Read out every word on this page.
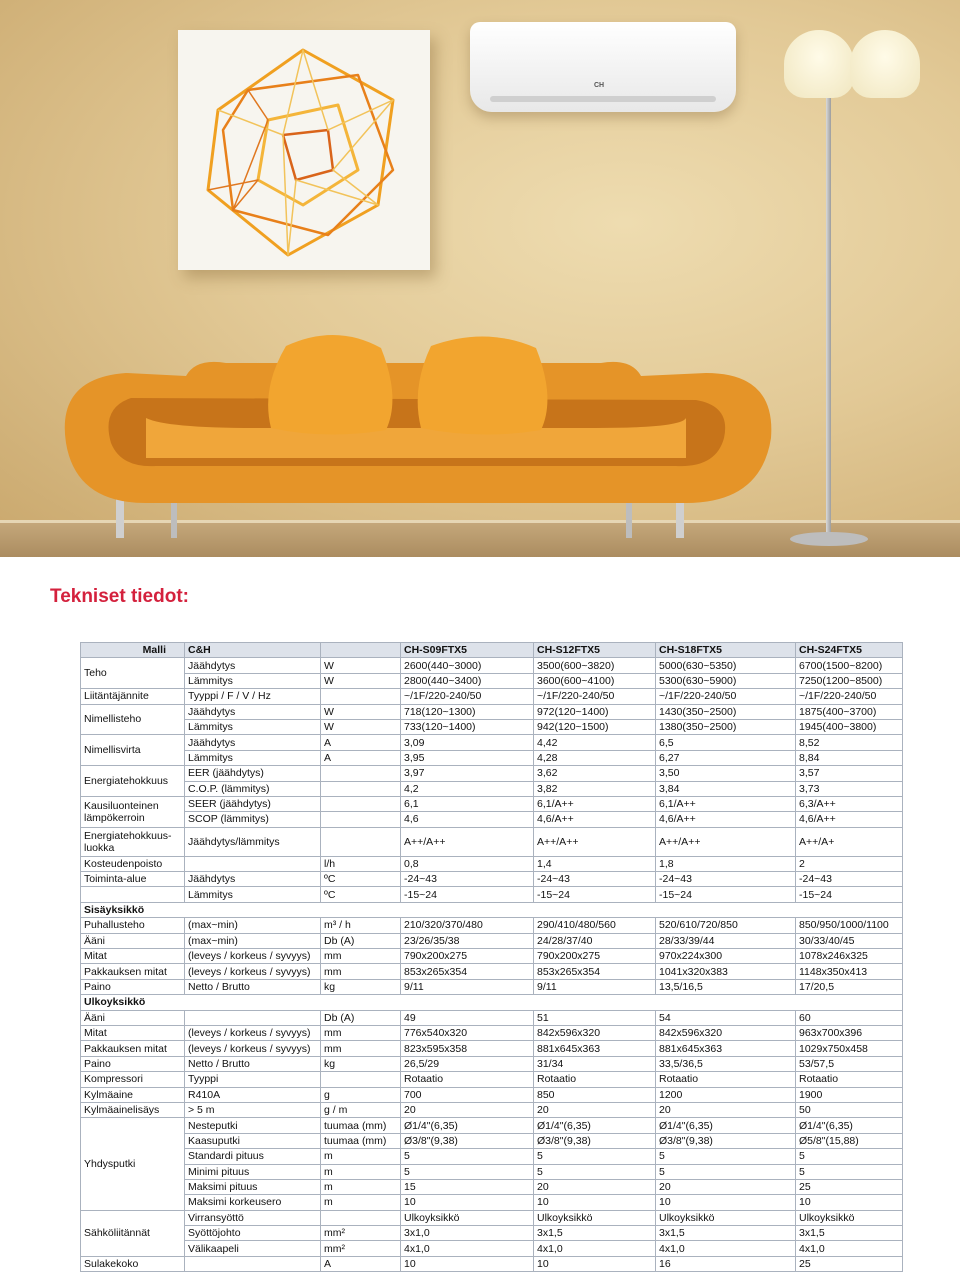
CH
Tekniset tiedot:
Malli	C&H		CH-S09FTX5	CH-S12FTX5	CH-S18FTX5	CH-S24FTX5
Teho	Jäähdytys	W	2600(440~3000)	3500(600~3820)	5000(630~5350)	6700(1500~8200)
	Lämmitys	W	2800(440~3400)	3600(600~4100)	5300(630~5900)	7250(1200~8500)
Liitäntäjännite	Tyyppi / F / V / Hz		~/1F/220-240/50	~/1F/220-240/50	~/1F/220-240/50	~/1F/220-240/50
Nimellisteho	Jäähdytys	W	718(120~1300)	972(120~1400)	1430(350~2500)	1875(400~3700)
	Lämmitys	W	733(120~1400)	942(120~1500)	1380(350~2500)	1945(400~3800)
Nimellisvirta	Jäähdytys	A	3,09	4,42	6,5	8,52
	Lämmitys	A	3,95	4,28	6,27	8,84
Energiatehokkuus	EER (jäähdytys)		3,97	3,62	3,50	3,57
	C.O.P. (lämmitys)		4,2	3,82	3,84	3,73
Kausiluonteinen lämpökerroin	SEER (jäähdytys)		6,1	6,1/A++	6,1/A++	6,3/A++
	SCOP (lämmitys)		4,6	4,6/A++	4,6/A++	4,6/A++
Energiatehokkuus-luokka	Jäähdytys/lämmitys		A++/A++	A++/A++	A++/A++	A++/A+
Kosteudenpoisto		l/h	0,8	1,4	1,8	2
Toiminta-alue	Jäähdytys	ºC	-24~43	-24~43	-24~43	-24~43
	Lämmitys	ºC	-15~24	-15~24	-15~24	-15~24
Sisäyksikkö						
Puhallusteho	(max~min)	m³ / h	210/320/370/480	290/410/480/560	520/610/720/850	850/950/1000/1100
Ääni	(max~min)	Db (A)	23/26/35/38	24/28/37/40	28/33/39/44	30/33/40/45
Mitat	(leveys / korkeus / syvyys)	mm	790x200x275	790x200x275	970x224x300	1078x246x325
Pakkauksen mitat	(leveys / korkeus / syvyys)	mm	853x265x354	853x265x354	1041x320x383	1148x350x413
Paino	Netto / Brutto	kg	9/11	9/11	13,5/16,5	17/20,5
Ulkoyksikkö						
Ääni		Db (A)	49	51	54	60
Mitat	(leveys / korkeus / syvyys)	mm	776x540x320	842x596x320	842x596x320	963x700x396
Pakkauksen mitat	(leveys / korkeus / syvyys)	mm	823x595x358	881x645x363	881x645x363	1029x750x458
Paino	Netto / Brutto	kg	26,5/29	31/34	33,5/36,5	53/57,5
Kompressori	Tyyppi		Rotaatio	Rotaatio	Rotaatio	Rotaatio
Kylmäaine	R410A	g	700	850	1200	1900
Kylmäainelisäys	> 5 m	g / m	20	20	20	50
Yhdysputki	Nesteputki	tuumaa (mm)	Ø1/4"(6,35)	Ø1/4"(6,35)	Ø1/4"(6,35)	Ø1/4"(6,35)
	Kaasuputki	tuumaa (mm)	Ø3/8"(9,38)	Ø3/8"(9,38)	Ø3/8"(9,38)	Ø5/8"(15,88)
	Standardi pituus	m	5	5	5	5
	Minimi pituus	m	5	5	5	5
	Maksimi pituus	m	15	20	20	25
	Maksimi korkeusero	m	10	10	10	10
Sähköliitännät	Virransyöttö		Ulkoyksikkö	Ulkoyksikkö	Ulkoyksikkö	Ulkoyksikkö
	Syöttöjohto	mm²	3x1,0	3x1,5	3x1,5	3x1,5
	Välikaapeli	mm²	4x1,0	4x1,0	4x1,0	4x1,0
Sulakekoko		A	10	10	16	25
